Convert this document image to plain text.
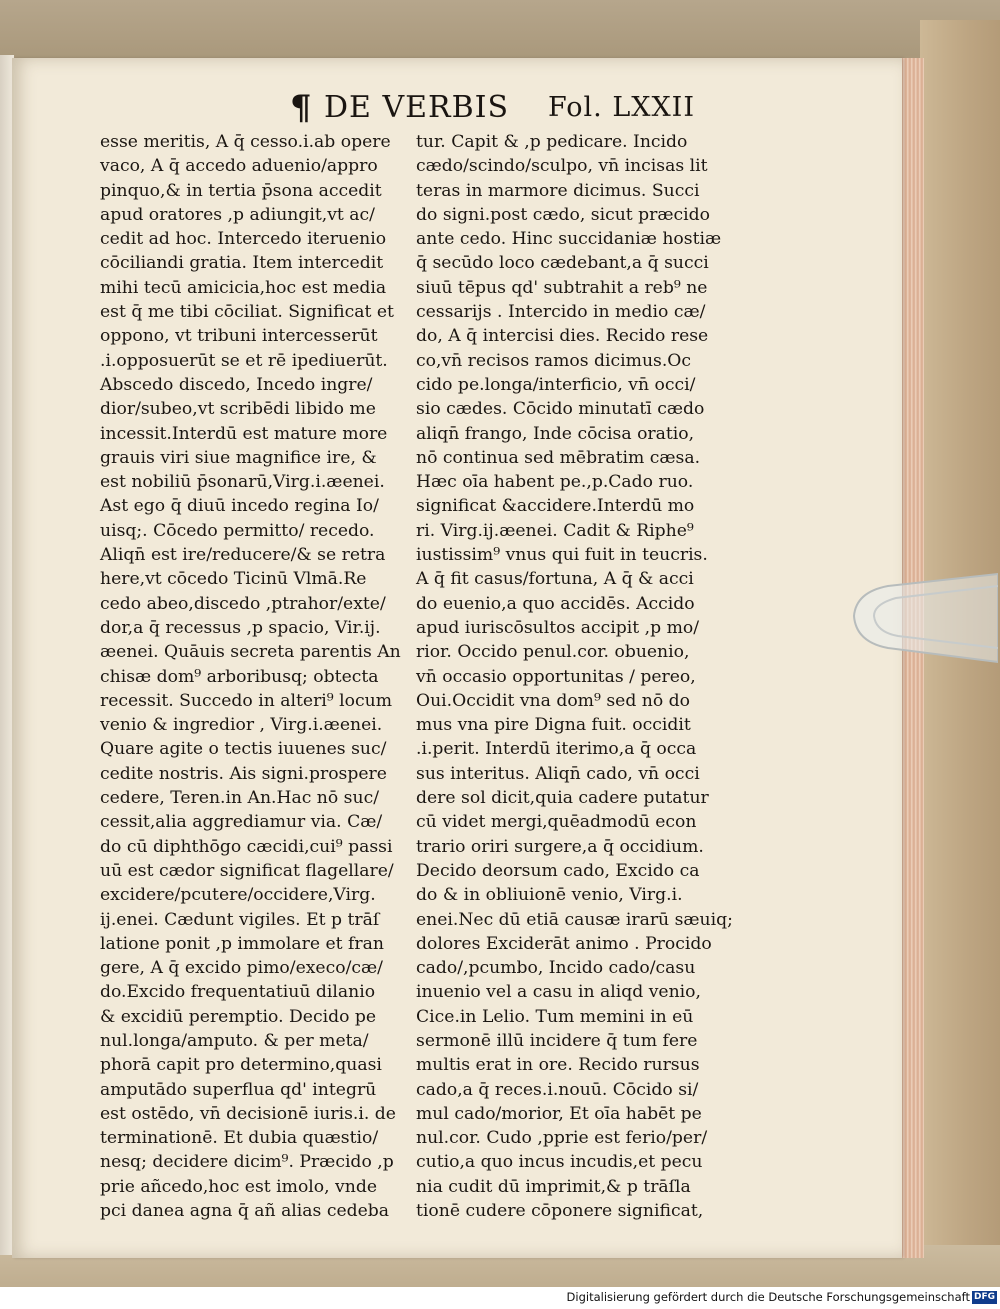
¶ DE VERBIS Fol. LXXII
esse meritis, A q̄ cesso.i.ab opere
vaco, A q̄ accedo aduenio/appro
pinquo,& in tertia p̄sona accedit
apud oratores ,p adiungit,vt ac/
cedit ad hoc. Intercedo iteruenio
cōciliandi gratia. Item intercedit
mihi tecū amicicia,hoc est media
est q̄ me tibi cōciliat. Significat et
oppono, vt tribuni intercesserūt
.i.opposuerūt se et rē ipediuerūt.
Abscedo discedo, Incedo ingre/
dior/subeo,vt scribēdi libido me
incessit.Interdū est mature more
grauis viri siue magnifice ire, &
est nobiliū p̄sonarū,Virg.i.æenei.
Ast ego q̄ diuū incedo regina Io/
uisq;. Cōcedo permitto/ recedo.
Aliqn̄ est ire/reducere/& se retra
here,vt cōcedo Ticinū Vlmā.Re
cedo abeo,discedo ,ptrahor/exte/
dor,a q̄ recessus ,p spacio, Vir.ij.
æenei. Quāuis secreta parentis An
chisæ dom⁹ arboribusq; obtecta
recessit. Succedo in alteri⁹ locum
venio & ingredior , Virg.i.æenei.
Quare agite o tectis iuuenes suc/
cedite nostris. Ais signi.prospere
cedere, Teren.in An.Hac nō suc/
cessit,alia aggrediamur via. Cæ/
do cū diphthōgo cæcidi,cui⁹ passi
uū est cædor significat flagellare/
excidere/pcutere/occidere,Virg.
ij.enei. Cædunt vigiles. Et p trāſ
latione ponit ,p immolare et fran
gere, A q̄ excido pimo/execo/cæ/
do.Excido frequentatiuū dilanio
& excidiū peremptio. Decido pe
nul.longa/amputo. & per meta/
phorā capit pro determino,quasi
amputādo superflua qd' integrū
est ostēdo, vn̄ decisionē iuris.i. de
terminationē. Et dubia quæstio/
nesq; decidere dicim⁹. Præcido ,p
prie añcedo,hoc est imolo, vnde
pci danea agna q̄ añ alias cedeba
tur. Capit & ,p pedicare. Incido
cædo/scindo/sculpo, vn̄ incisas lit
teras in marmore dicimus. Succi
do signi.post cædo, sicut præcido
ante cedo. Hinc succidaniæ hostiæ
q̄ secūdo loco cædebant,a q̄ succi
siuū tēpus qd' subtrahit a reb⁹ ne
cessarijs . Intercido in medio cæ/
do, A q̄ intercisi dies. Recido rese
co,vn̄ recisos ramos dicimus.Oc
cido pe.longa/interficio, vn̄ occi/
sio cædes. Cōcido minutatī cædo
aliqn̄ frango, Inde cōcisa oratio,
nō continua sed mēbratim cæsa.
Hæc oīa habent pe.,p.Cado ruo.
significat &accidere.Interdū mo
ri. Virg.ij.æenei. Cadit & Riphe⁹
iustissim⁹ vnus qui fuit in teucris.
A q̄ fit casus/fortuna, A q̄ & acci
do euenio,a quo accidēs. Accido
apud iuriscōsultos accipit ,p mo/
rior. Occido penul.cor. obuenio,
vn̄ occasio opportunitas / pereo,
Oui.Occidit vna dom⁹ sed nō do
mus vna pire Digna fuit. occidit
.i.perit. Interdū iterimo,a q̄ occa
sus interitus. Aliqn̄ cado, vn̄ occi
dere sol dicit,quia cadere putatur
cū videt mergi,quēadmodū econ
trario oriri surgere,a q̄ occidium.
Decido deorsum cado, Excido ca
do & in obliuionē venio, Virg.i.
enei.Nec dū etiā causæ irarū sæuiq;
dolores Exciderāt animo . Procido
cado/,pcumbo, Incido cado/casu
inuenio vel a casu in aliqd venio,
Cice.in Lelio. Tum memini in eū
sermonē illū incidere q̄ tum fere
multis erat in ore. Recido rursus
cado,a q̄ reces.i.nouū. Cōcido si/
mul cado/morior, Et oīa habēt pe
nul.cor. Cudo ,pprie est ferio/per/
cutio,a quo incus incudis,et pecu
nia cudit dū imprimit,& p trāſla
tionē cudere cōponere significat,
Digitalisierung gefördert durch die Deutsche Forschungsgemeinschaft DFG
